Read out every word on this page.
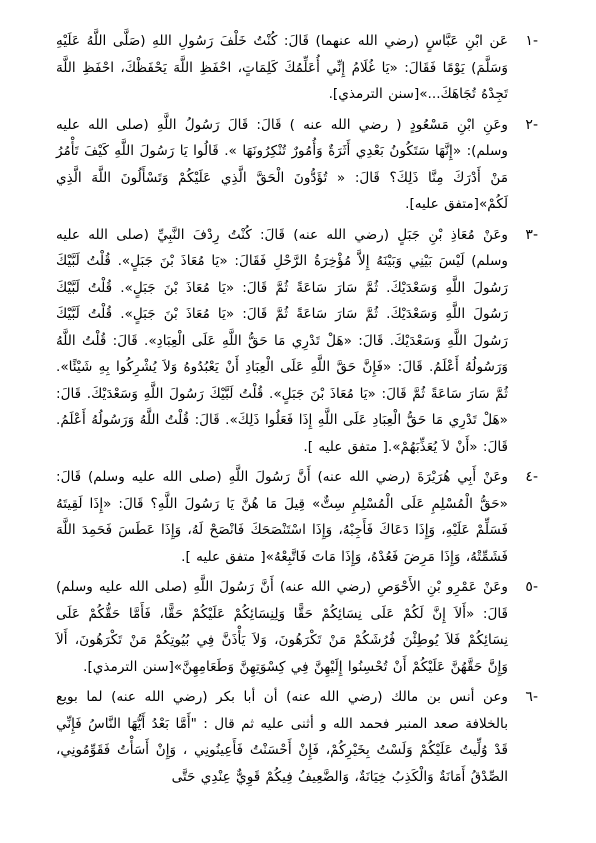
-١
عَن ابْنِ عَبَّاسٍ (رضي الله عنهما) قَالَ: كُنْتُ خَلْفَ رَسُولِ اللهِ (صَلَّى اللَّهُ عَلَيْهِ وَسَلَّمَ) يَوْمًا فَقَالَ: «يَا غُلَامُ إِنِّي أُعَلِّمُكَ كَلِمَاتٍ، احْفَظِ اللَّهَ يَحْفَظْكَ، احْفَظِ اللَّهَ تَجِدْهُ تُجَاهَكَ...»[سنن الترمذي].
-٢
وعَنِ ابْنِ مَسْعُودٍ ( رضي الله عنه ) قَالَ: قَالَ رَسُولُ اللَّهِ (صلى الله عليه وسلم): «إِنَّهَا سَتَكُونُ بَعْدِي أَثَرَةٌ وَأُمُورٌ تُنْكِرُونَهَا ». قَالُوا يَا رَسُولَ اللَّهِ كَيْفَ تَأْمُرُ مَنْ أَدْرَكَ مِنَّا ذَلِكَ؟ قَالَ: « تُؤَدُّونَ الْحَقَّ الَّذِي عَلَيْكُمْ وَتَسْأَلُونَ اللَّهَ الَّذِي لَكُمْ»[متفق عليه].
-٣
وعَنْ مُعَاذِ بْنِ جَبَلٍ (رضي الله عنه) قَالَ: كُنْتُ رِدْفَ النَّبِيِّ (صلى الله عليه وسلم) لَيْسَ بَيْنِي وَبَيْنَهُ إِلاَّ مُؤْخِرَةُ الرَّحْلِ فَقَالَ: «يَا مُعَاذَ بْنَ جَبَلٍ». قُلْتُ لَبَّيْكَ رَسُولَ اللَّهِ وَسَعْدَيْكَ. ثُمَّ سَارَ سَاعَةً ثُمَّ قَالَ: «يَا مُعَاذَ بْنَ جَبَلٍ». قُلْتُ لَبَّيْكَ رَسُولَ اللَّهِ وَسَعْدَيْكَ. ثُمَّ سَارَ سَاعَةً ثُمَّ قَالَ: «يَا مُعَاذَ بْنَ جَبَلٍ». قُلْتُ لَبَّيْكَ رَسُولَ اللَّهِ وَسَعْدَيْكَ. قَالَ: «هَلْ تَدْرِي مَا حَقُّ اللَّهِ عَلَى الْعِبَادِ». قَالَ: قُلْتُ اللَّهُ وَرَسُولُهُ أَعْلَمُ. قَالَ: «فَإِنَّ حَقَّ اللَّهِ عَلَى الْعِبَادِ أَنْ يَعْبُدُوهُ وَلاَ يُشْرِكُوا بِهِ شَيْئًا». ثُمَّ سَارَ سَاعَةً ثُمَّ قَالَ: «يَا مُعَاذَ بْنَ جَبَلٍ». قُلْتُ لَبَّيْكَ رَسُولَ اللَّهِ وَسَعْدَيْكَ. قَالَ: «هَلْ تَدْرِي مَا حَقُّ الْعِبَادِ عَلَى اللَّهِ إِذَا فَعَلُوا ذَلِكَ». قَالَ: قُلْتُ اللَّهُ وَرَسُولُهُ أَعْلَمُ. قَالَ: «أَنْ لاَ يُعَذِّبَهُمْ».[ متفق عليه ].
-٤
وعَنْ أَبِي هُرَيْرَةَ (رضي الله عنه) أَنَّ رَسُولَ اللَّهِ (صلى الله عليه وسلم) قَالَ: «حَقُّ الْمُسْلِمِ عَلَى الْمُسْلِمِ سِتٌّ» قِيلَ مَا هُنَّ يَا رَسُولَ اللَّهِ؟ قَالَ: «إِذَا لَقِيتَهُ فَسَلِّمْ عَلَيْهِ، وَإِذَا دَعَاكَ فَأَجِبْهُ، وَإِذَا اسْتَنْصَحَكَ فَانْصَحْ لَهُ، وَإِذَا عَطَسَ فَحَمِدَ اللَّهَ فَشَمِّتْهُ، وَإِذَا مَرِضَ فَعُدْهُ، وَإِذَا مَاتَ فَاتَّبِعْهُ»[ متفق عليه ].
-٥
وعَنْ عَمْرِو بْنِ الأَحْوَصِ (رضي الله عنه) أَنَّ رَسُولَ اللَّهِ (صلى الله عليه وسلم) قَالَ: «أَلاَ إِنَّ لَكُمْ عَلَى نِسَائِكُمْ حَقًّا وَلِنِسَائِكُمْ عَلَيْكُمْ حَقًّا، فَأَمَّا حَقُّكُمْ عَلَى نِسَائِكُمْ فَلاَ يُوطِئْنَ فُرُشَكُمْ مَنْ تَكْرَهُونَ، وَلاَ يَأْذَنَّ فِي بُيُوتِكُمْ مَنْ تَكْرَهُونَ، أَلاَ وَإِنَّ حَقَّهُنَّ عَلَيْكُمْ أَنْ تُحْسِنُوا إِلَيْهِنَّ فِي كِسْوَتِهِنَّ وَطَعَامِهِنَّ»[سنن الترمذي].
-٦
وعن أنس بن مالك (رضي الله عنه) أن أبا بكر (رضي الله عنه) لما بويع بالخلافة صعد المنبر فحمد الله و أثنى عليه ثم قال : "أَمَّا بَعْدُ أَيُّهَا النَّاسُ فَإِنِّي قَدْ وُلِّيتُ عَلَيْكُمْ وَلَسْتُ بِخَيْرِكُمْ، فَإِنْ أَحْسَنْتُ فَأَعِينُونِي ، وَإِنْ أَسَأْتُ فَقَوِّمُونِي، الصِّدْقُ أَمَانَةٌ وَالْكَذِبُ خِيَانَةٌ، وَالضَّعِيفُ فِيكُمْ قَوِيٌّ عِنْدِي حَتَّى
